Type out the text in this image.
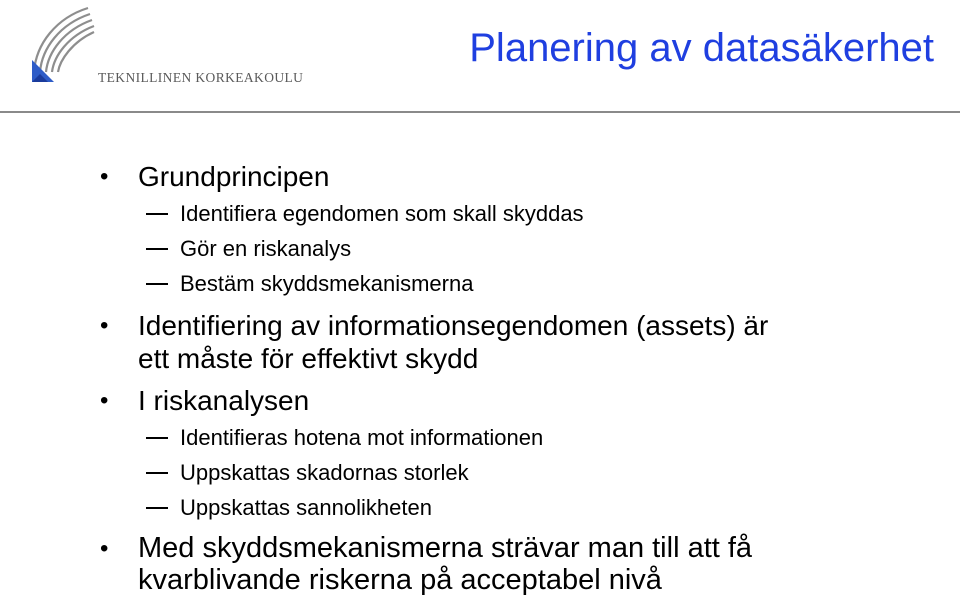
TEKNILLINEN KORKEAKOULU
Planering av datasäkerhet
• Grundprincipen
Identifiera egendomen som skall skyddas
Gör en riskanalys
Bestäm skyddsmekanismerna
• Identifiering av informationsegendomen (assets) är
ett måste för effektivt skydd
• I riskanalysen
Identifieras hotena mot informationen
Uppskattas skadornas storlek
Uppskattas sannolikheten
• Med skyddsmekanismerna strävar man till att få
kvarblivande riskerna på acceptabel nivå
